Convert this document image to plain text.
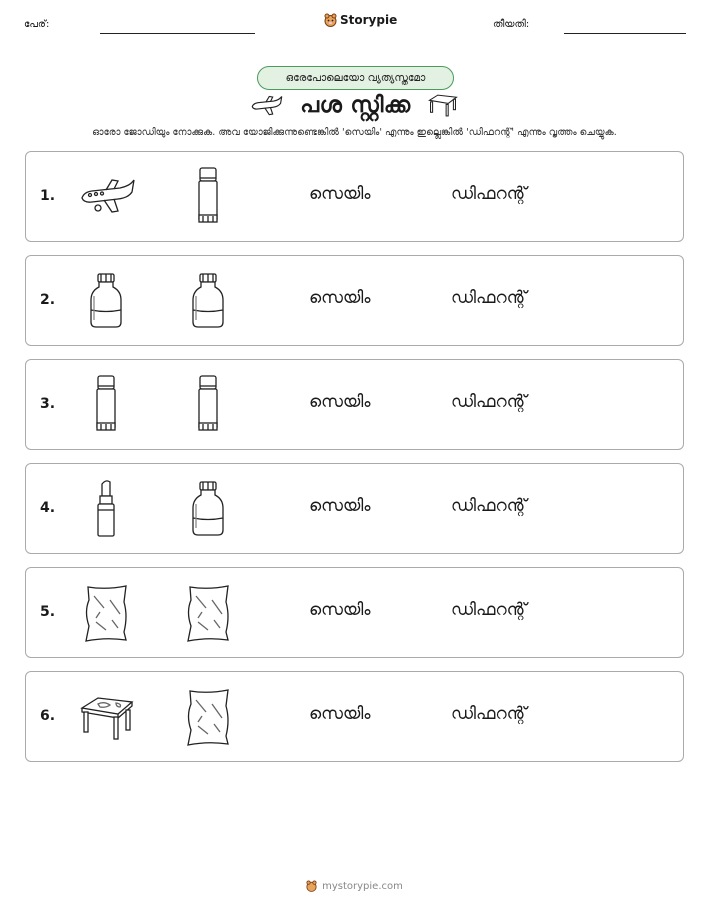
പേര്:	Storypie	തീയതി:
ഒരേപോലെയോ വ്യത്യസ്തമോ
പശ സ്റ്റിക്ക
ഓരോ ജോഡിയും നോക്കുക. അവ യോജിക്കുന്നുണ്ടെങ്കിൽ 'സെയിം' എന്നും ഇല്ലെങ്കിൽ 'ഡിഫറന്റ്' എന്നും വൃത്തം ചെയ്യുക.
1.	സെയിം	ഡിഫറന്റ്
2.	സെയിം	ഡിഫറന്റ്
3.	സെയിം	ഡിഫറന്റ്
4.	സെയിം	ഡിഫറന്റ്
5.	സെയിം	ഡിഫറന്റ്
6.	സെയിം	ഡിഫറന്റ്
mystorypie.com
